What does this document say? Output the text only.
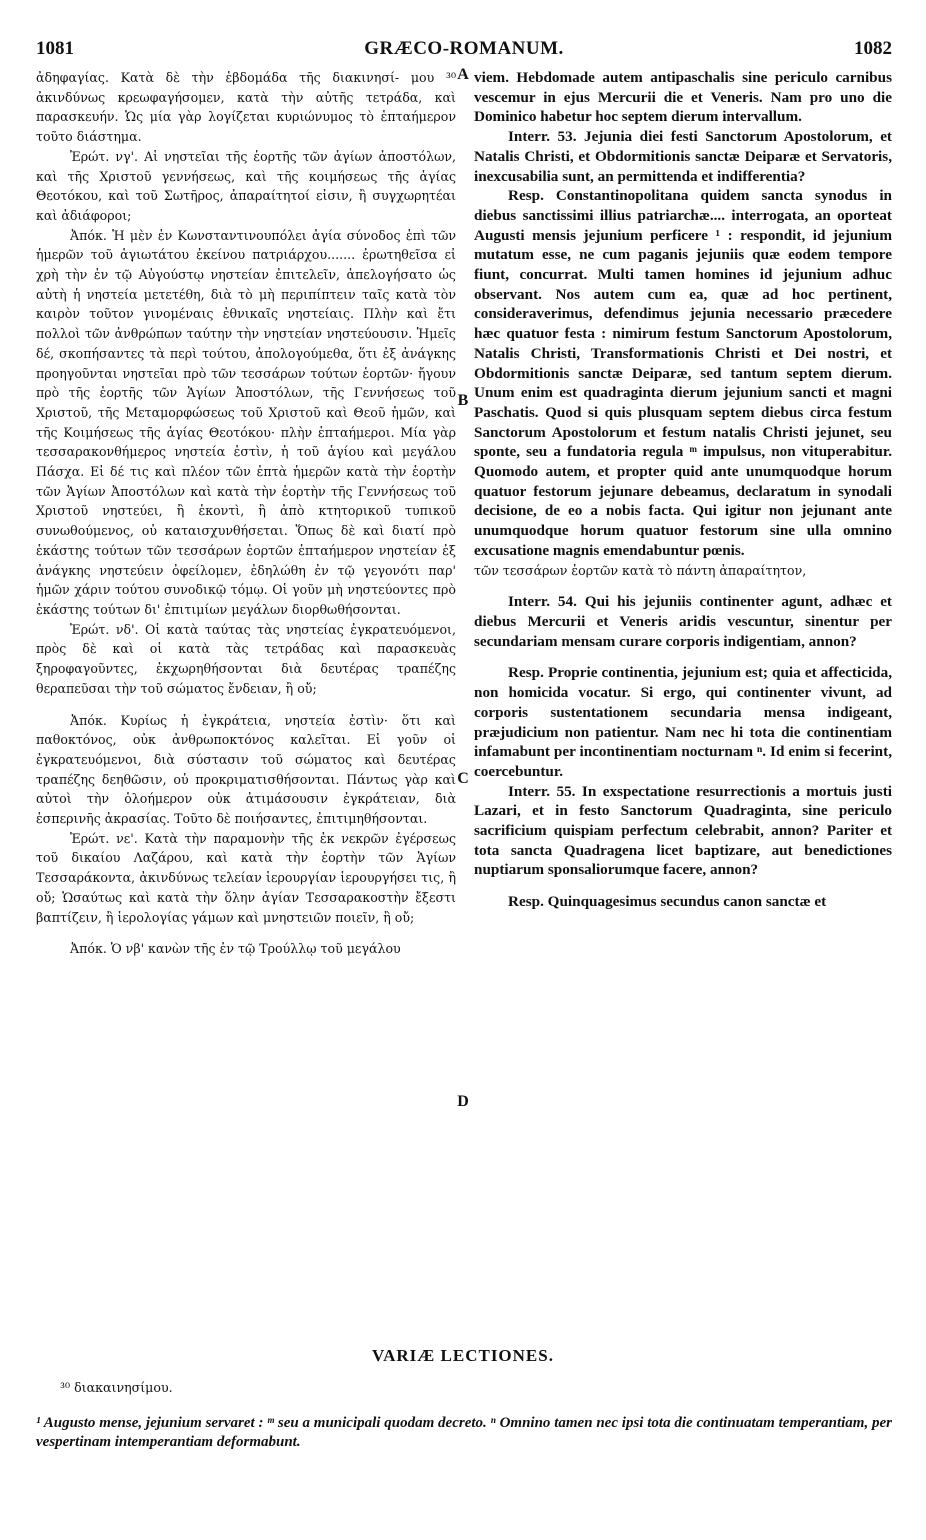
1081	GRÆCO-ROMANUM.	1082
A
B
C
D

ἀδηφαγίας. Κατὰ δὲ τὴν ἑβδομάδα τῆς διακινησί- μου ³⁰ ἀκινδύνως κρεωφαγήσομεν, κατὰ τὴν αὐτῆς τετράδα, καὶ παρασκευήν. Ὡς μία γὰρ λογίζεται κυριώνυμος τὸ ἑπταήμερον τοῦτο διάστημα.

Ἐρώτ. νγ'. Αἱ νηστεῖαι τῆς ἑορτῆς τῶν ἁγίων ἀποστόλων, καὶ τῆς Χριστοῦ γεννήσεως, καὶ τῆς κοιμήσεως τῆς ἁγίας Θεοτόκου, καὶ τοῦ Σωτῆρος, ἀπαραίτητοί εἰσιν, ἢ συγχωρητέαι καὶ ἀδιάφοροι;

Ἀπόκ. Ἡ μὲν ἐν Κωνσταντινουπόλει ἁγία σύνοδος ἐπὶ τῶν ἡμερῶν τοῦ ἁγιωτάτου ἐκείνου πατριάρχου....... ἐρωτηθεῖσα εἰ χρὴ τὴν ἐν τῷ Αὐγούστῳ νηστείαν ἐπιτελεῖν, ἀπελογήσατο ὡς αὐτὴ ἡ νηστεία μετετέθη, διὰ τὸ μὴ περιπίπτειν ταῖς κατὰ τὸν καιρὸν τοῦτον γινομέναις ἐθνικαῖς νηστείαις. Πλὴν καὶ ἔτι πολλοὶ τῶν ἀνθρώπων ταύτην τὴν νηστείαν νηστεύουσιν. Ἡμεῖς δέ, σκοπήσαντες τὰ περὶ τούτου, ἀπολογούμεθα, ὅτι ἐξ ἀνάγκης προηγοῦνται νηστεῖαι πρὸ τῶν τεσσάρων τούτων ἑορτῶν· ἤγουν πρὸ τῆς ἑορτῆς τῶν Ἁγίων Ἀποστόλων, τῆς Γεννήσεως τοῦ Χριστοῦ, τῆς Μεταμορφώσεως τοῦ Χριστοῦ καὶ Θεοῦ ἡμῶν, καὶ τῆς Κοιμήσεως τῆς ἁγίας Θεοτόκου· πλὴν ἑπταήμεροι. Μία γὰρ τεσσαρακονθήμερος νηστεία ἐστὶν, ἡ τοῦ ἁγίου καὶ μεγάλου Πάσχα. Εἰ δέ τις καὶ πλέον τῶν ἑπτὰ ἡμερῶν κατὰ τὴν ἑορτὴν τῶν Ἁγίων Ἀποστόλων καὶ κατὰ τὴν ἑορτὴν τῆς Γεννήσεως τοῦ Χριστοῦ νηστεύει, ἢ ἑκοντὶ, ἢ ἀπὸ κτητορικοῦ τυπικοῦ συνωθούμενος, οὐ καταισχυνθήσεται. Ὅπως δὲ καὶ διατί πρὸ ἑκάστης τούτων τῶν τεσσάρων ἑορτῶν ἑπταήμερον νηστείαν ἐξ ἀνάγκης νηστεύειν ὀφείλομεν, ἐδηλώθη ἐν τῷ γεγονότι παρ' ἡμῶν χάριν τούτου συνοδικῷ τόμῳ. Οἱ γοῦν μὴ νηστεύοντες πρὸ ἑκάστης τούτων δι' ἐπιτιμίων μεγάλων διορθωθήσονται.

Ἐρώτ. νδ'. Οἱ κατὰ ταύτας τὰς νηστείας ἐγκρατευόμενοι, πρὸς δὲ καὶ οἱ κατὰ τὰς τετράδας καὶ παρασκευὰς ξηροφαγοῦντες, ἐκχωρηθήσονται διὰ δευτέρας τραπέζης θεραπεῦσαι τὴν τοῦ σώματος ἔνδειαν, ἢ οὔ;

Ἀπόκ. Κυρίως ἡ ἐγκράτεια, νηστεία ἐστὶν· ὅτι καὶ παθοκτόνος, οὐκ ἀνθρωποκτόνος καλεῖται. Εἰ γοῦν οἱ ἐγκρατευόμενοι, διὰ σύστασιν τοῦ σώματος καὶ δευτέρας τραπέζης δεηθῶσιν, οὐ προκριματισθήσονται. Πάντως γὰρ καὶ αὐτοὶ τὴν ὁλοήμερον οὐκ ἀτιμάσουσιν ἐγκράτειαν, διὰ ἑσπερινῆς ἀκρασίας. Τοῦτο δὲ ποιήσαντες, ἐπιτιμηθήσονται.

Ἐρώτ. νε'. Κατὰ τὴν παραμονὴν τῆς ἐκ νεκρῶν ἐγέρσεως τοῦ δικαίου Λαζάρου, καὶ κατὰ τὴν ἑορτὴν τῶν Ἁγίων Τεσσαράκοντα, ἀκινδύνως τελείαν ἱερουργίαν ἱερουργήσει τις, ἢ οὔ; Ὡσαύτως καὶ κατὰ τὴν ὅλην ἁγίαν Τεσσαρακοστὴν ἔξεστι βαπτίζειν, ἢ ἱερολογίας γάμων καὶ μνηστειῶν ποιεῖν, ἢ οὔ;

Ἀπόκ. Ὁ νβ' κανὼν τῆς ἐν τῷ Τρούλλῳ τοῦ μεγάλου

viem. Hebdomade autem antipaschalis sine periculo carnibus vescemur in ejus Mercurii die et Veneris. Nam pro uno die Dominico habetur hoc septem dierum intervallum.

Interr. 53. Jejunia diei festi Sanctorum Apostolorum, et Natalis Christi, et Obdormitionis sanctæ Deiparæ et Servatoris, inexcusabilia sunt, an permittenda et indifferentia?

Resp. Constantinopolitana quidem sancta synodus in diebus sanctissimi illius patriarchæ.... interrogata, an oporteat Augusti mensis jejunium perficere ¹ : respondit, id jejunium mutatum esse, ne cum paganis jejuniis quæ eodem tempore fiunt, concurrat. Multi tamen homines id jejunium adhuc observant. Nos autem cum ea, quæ ad hoc pertinent, consideraverimus, defendimus jejunia necessario præcedere hæc quatuor festa : nimirum festum Sanctorum Apostolorum, Natalis Christi, Transformationis Christi et Dei nostri, et Obdormitionis sanctæ Deiparæ, sed tantum septem dierum. Unum enim est quadraginta dierum jejunium sancti et magni Paschatis. Quod si quis plusquam septem diebus circa festum Sanctorum Apostolorum et festum natalis Christi jejunet, seu sponte, seu a fundatoria regula ᵐ impulsus, non vituperabitur. Quomodo autem, et propter quid ante unumquodque horum quatuor festorum jejunare debeamus, declaratum in synodali decisione, de eo a nobis facta. Qui igitur non jejunant ante unumquodque horum quatuor festorum sine ulla omnino excusatione magnis emendabuntur pœnis.

τῶν τεσσάρων ἑορτῶν κατὰ τὸ πάντη ἀπαραίτητον,

Interr. 54. Qui his jejuniis continenter agunt, adhæc et diebus Mercurii et Veneris aridis vescuntur, sinentur per secundariam mensam curare corporis indigentiam, annon?

Resp. Proprie continentia, jejunium est; quia et affecticida, non homicida vocatur. Si ergo, qui continenter vivunt, ad corporis sustentationem secundaria mensa indigeant, præjudicium non patientur. Nam nec hi tota die continentiam infamabunt per incontinentiam nocturnam ⁿ. Id enim si fecerint, coercebuntur.

Interr. 55. In exspectatione resurrectionis a mortuis justi Lazari, et in festo Sanctorum Quadraginta, sine periculo sacrificium quispiam perfectum celebrabit, annon? Pariter et tota sancta Quadragena licet baptizare, aut benedictiones nuptiarum sponsaliorumque facere, annon?

Resp. Quinquagesimus secundus canon sanctæ et

VARIÆ LECTIONES.
³⁰ διακαινησίμου.
¹ Augusto mense, jejunium servaret : ᵐ seu a municipali quodam decreto. ⁿ Omnino tamen nec ipsi tota die continuatam temperantiam, per vespertinam intemperantiam deformabunt.
